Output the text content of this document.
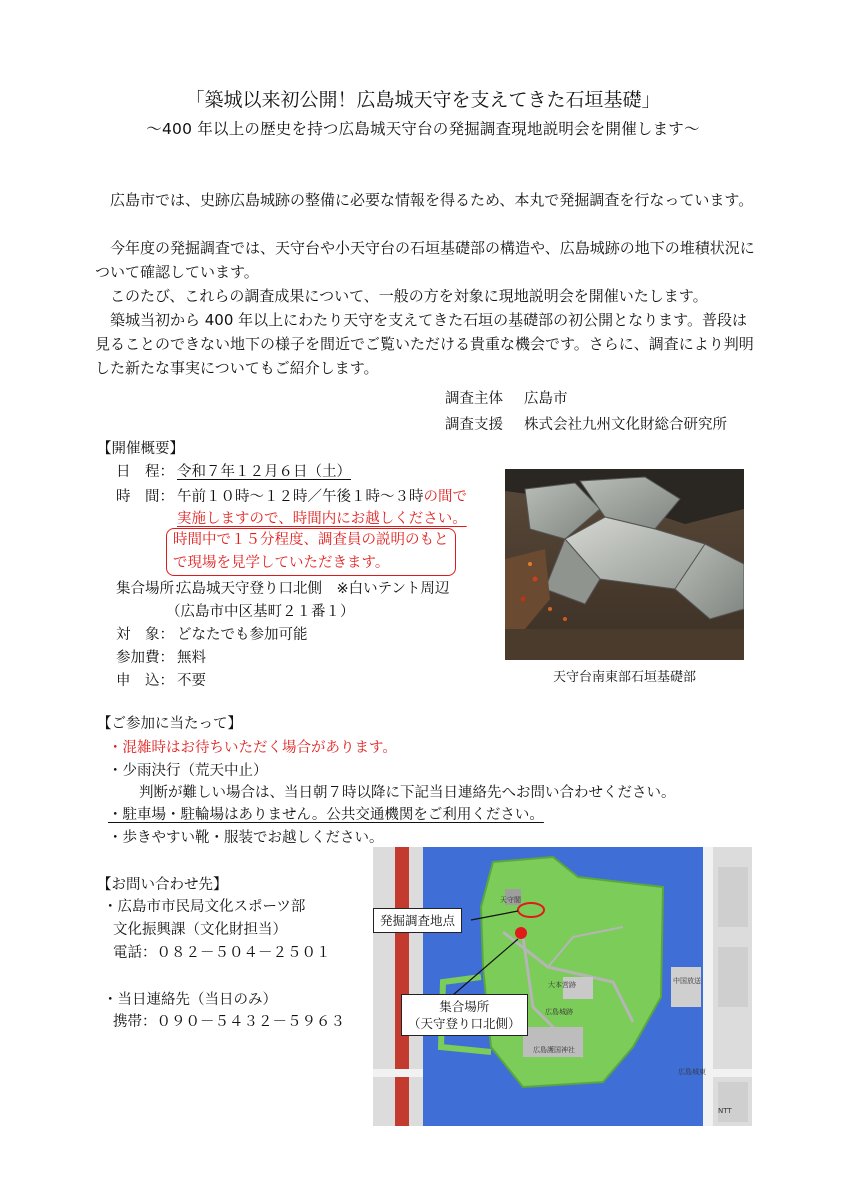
「築城以来初公開！広島城天守を支えてきた石垣基礎」
～400 年以上の歴史を持つ広島城天守台の発掘調査現地説明会を開催します～
広島市では、史跡広島城跡の整備に必要な情報を得るため、本丸で発掘調査を行なっています。
今年度の発掘調査では、天守台や小天守台の石垣基礎部の構造や、広島城跡の地下の堆積状況について確認しています。
このたび、これらの調査成果について、一般の方を対象に現地説明会を開催いたします。
築城当初から 400 年以上にわたり天守を支えてきた石垣の基礎部の初公開となります。普段は見ることのできない地下の様子を間近でご覧いただける貴重な機会です。さらに、調査により判明した新たな事実についてもご紹介します。
調査主体 広島市
調査支援 株式会社九州文化財総合研究所
【開催概要】
日　程： 令和７年１２月６日（土）
時　間： 午前１０時～１２時／午後１時～３時の間で
実施しますので、時間内にお越しください。
時間中で１５分程度、調査員の説明のもと
で現場を見学していただきます。
集合場所：
広島城天守登り口北側　※白いテント周辺
（広島市中区基町２１番１）
対　象： どなたでも参加可能
参加費： 無料
申　込： 不要	天守台南東部石垣基礎部
【ご参加に当たって】
・混雑時はお待ちいただく場合があります。
・少雨決行（荒天中止）
判断が難しい場合は、当日朝７時以降に下記当日連絡先へお問い合わせください。
・駐車場・駐輪場はありません。公共交通機関をご利用ください。
・歩きやすい靴・服装でお越しください。
【お問い合わせ先】
・広島市市民局文化スポーツ部
文化振興課（文化財担当）
電話：０８２－５０４－２５０１
・当日連絡先（当日のみ）
携帯：０９０－５４３２－５９６３
天守閣
大本営跡
広島城跡
広島護国神社
中国放送
広島城東
NTT
発掘調査地点
集合場所
（天守登り口北側）
